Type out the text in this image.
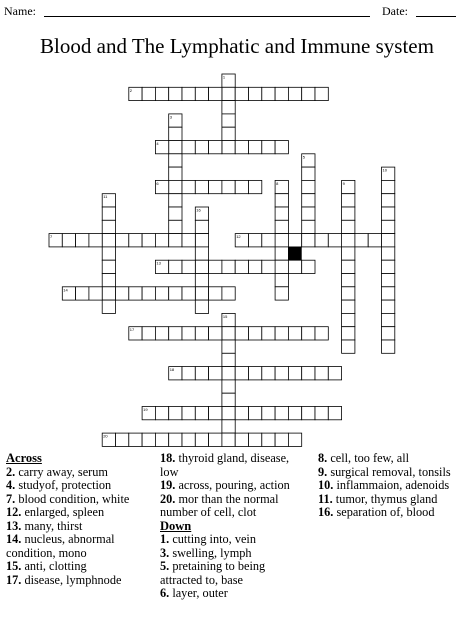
Name:	Date:
Blood and The Lymphatic and Immune system
1
2
3
4
5
6	8	9
10
11
16
7	12
13
14
15
17
18
19
20
Across
2. carry away, serum
4. studyof, protection
7. blood condition, white
12. enlarged, spleen
13. many, thirst
14. nucleus, abnormal condition, mono
15. anti, clotting
17. disease, lymphnode
18. thyroid gland, disease, low
19. across, pouring, action
20. mor than the normal number of cell, clot
Down
1. cutting into, vein
3. swelling, lymph
5. pretaining to being attracted to, base
6. layer, outer
8. cell, too few, all
9. surgical removal, tonsils
10. inflammaion, adenoids
11. tumor, thymus gland
16. separation of, blood
